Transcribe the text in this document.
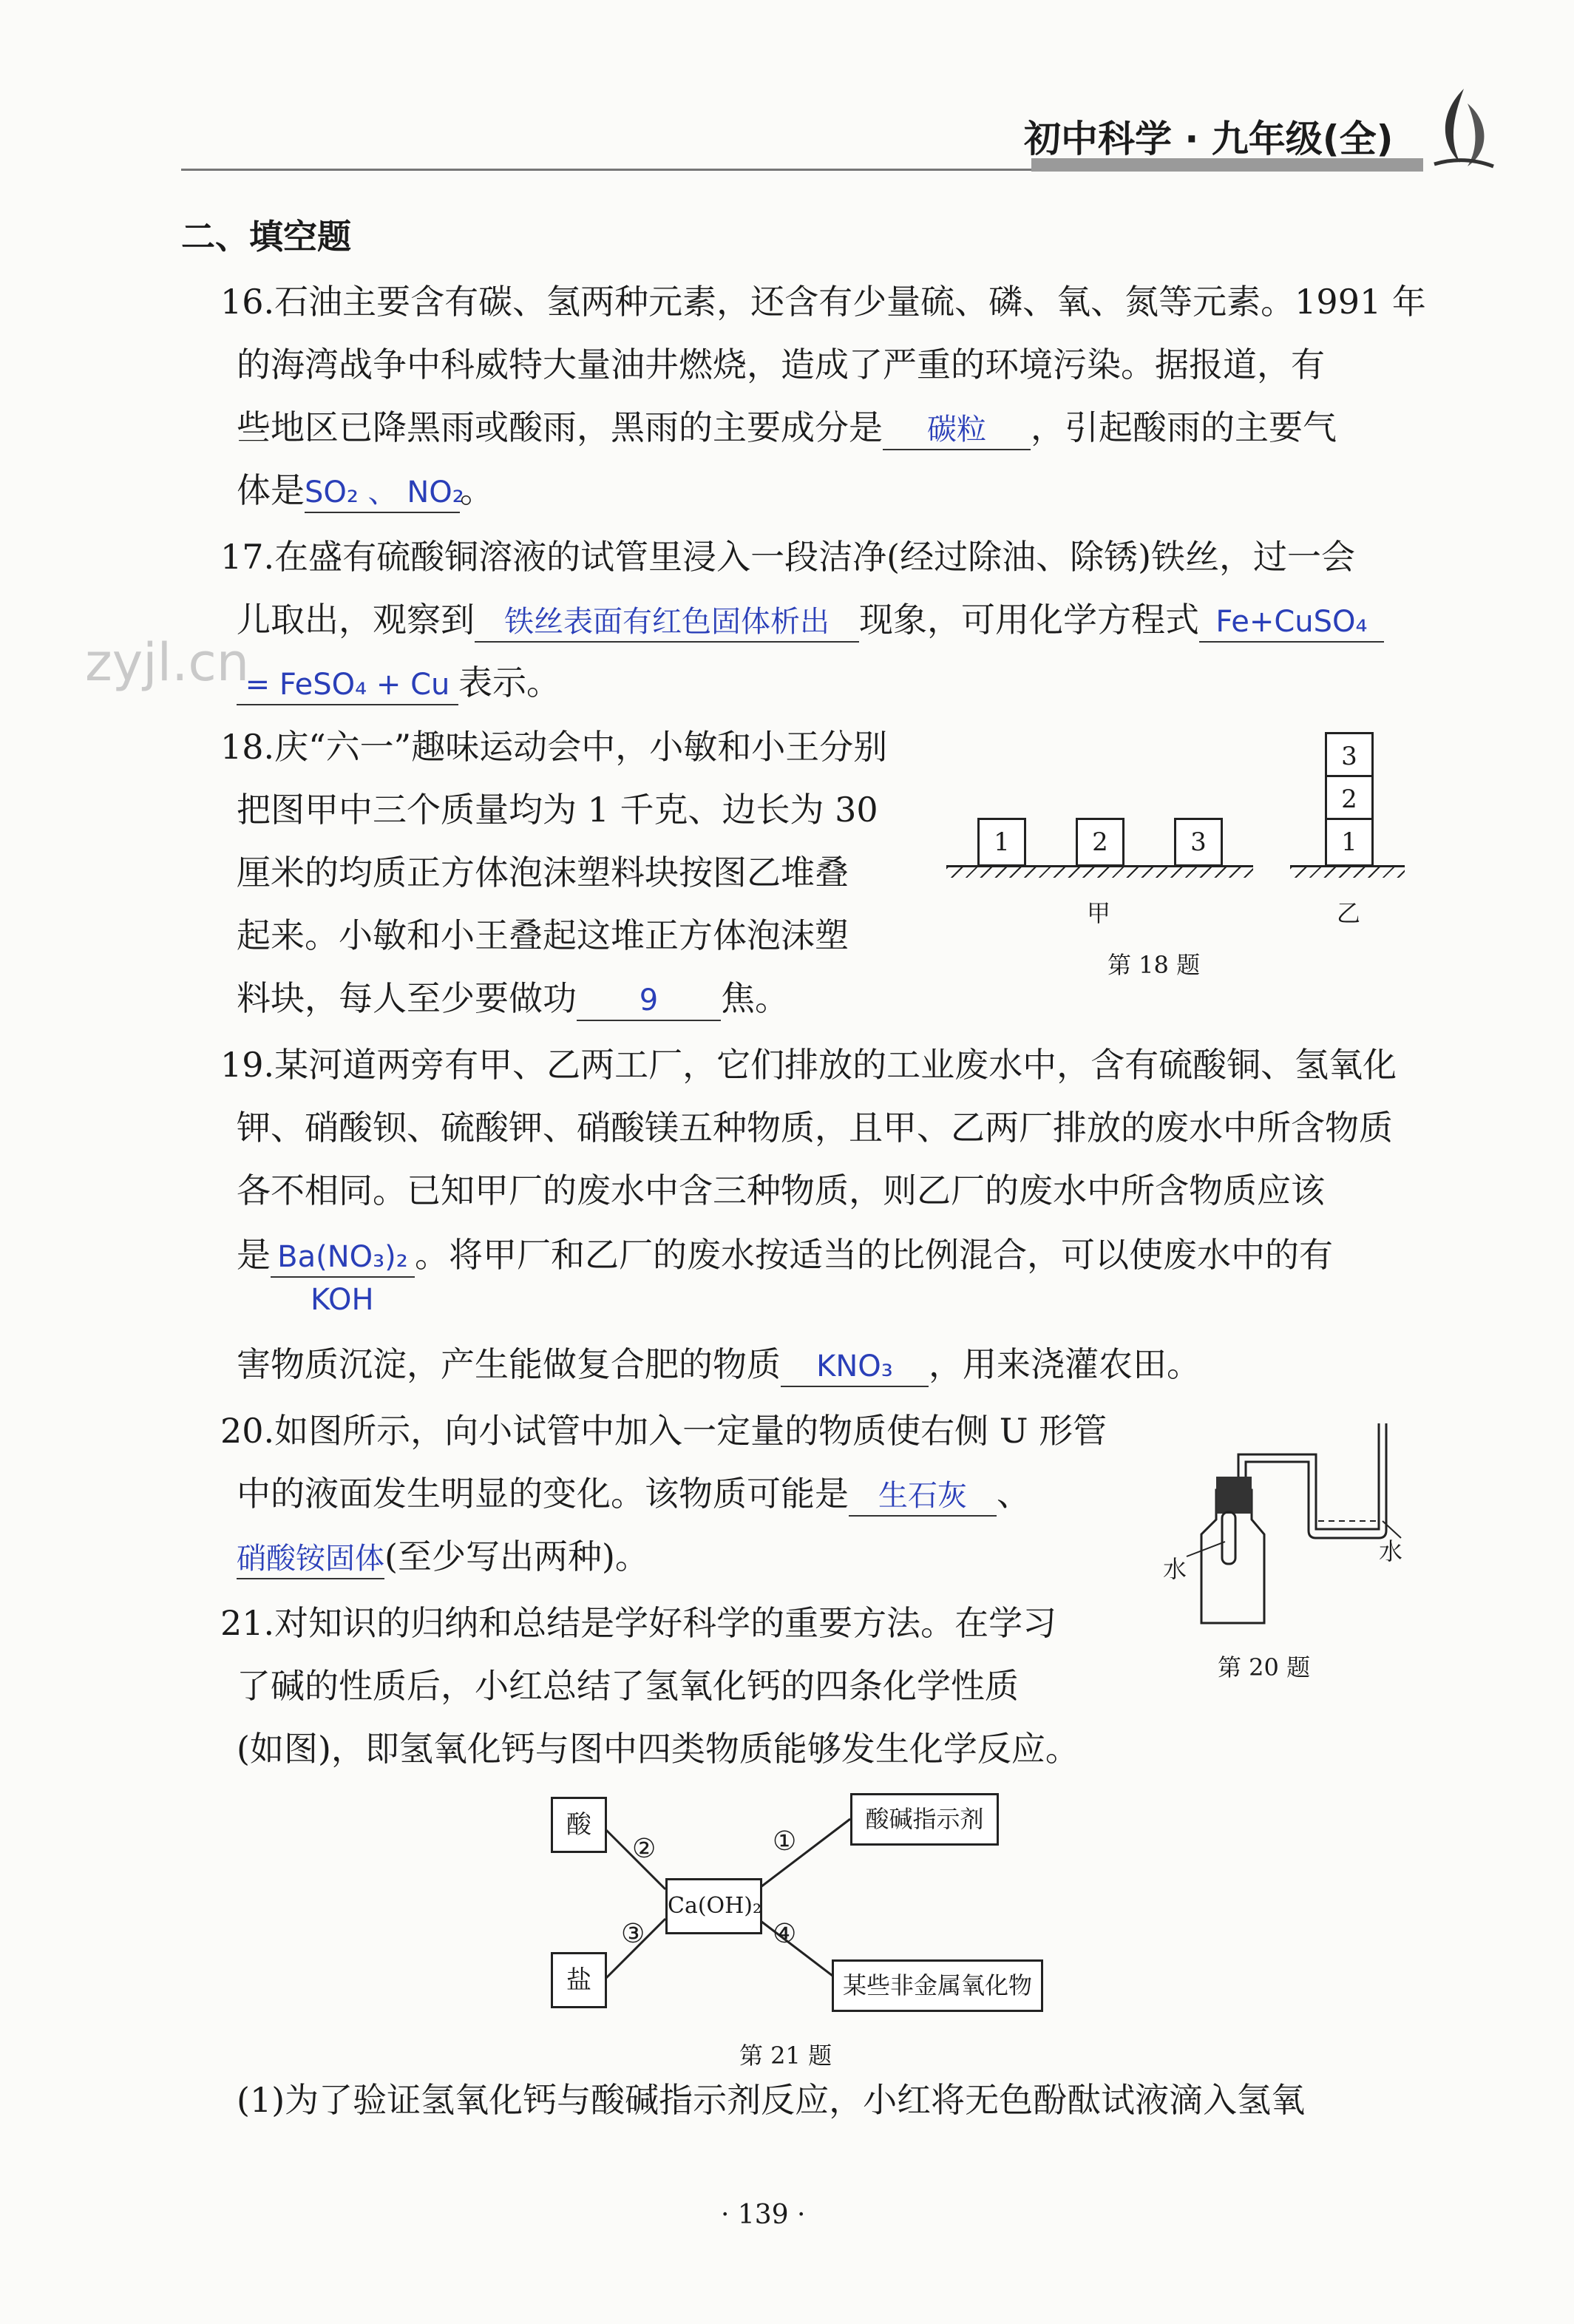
初中科学 · 九年级(全)
zyjl.cn
二、填空题
16.石油主要含有碳、氢两种元素，还含有少量硫、磷、氧、氮等元素。1991 年
的海湾战争中科威特大量油井燃烧，造成了严重的环境污染。据报道，有
些地区已降黑雨或酸雨，黑雨的主要成分是 碳粒 ，引起酸雨的主要气
体是SO₂ 、 NO₂。
17.在盛有硫酸铜溶液的试管里浸入一段洁净(经过除油、除锈)铁丝，过一会
儿取出，观察到 铁丝表面有红色固体析出 现象，可用化学方程式 Fe+CuSO₄
= FeSO₄ + Cu 表示。
18.庆“六一”趣味运动会中，小敏和小王分别
把图甲中三个质量均为 1 千克、边长为 30
厘米的均质正方体泡沫塑料块按图乙堆叠
起来。小敏和小王叠起这堆正方体泡沫塑
料块，每人至少要做功 9 焦。
1	2	3
甲
3
2
1
乙
第 18 题
19.某河道两旁有甲、乙两工厂，它们排放的工业废水中，含有硫酸铜、氢氧化
钾、硝酸钡、硫酸钾、硝酸镁五种物质，且甲、乙两厂排放的废水中所含物质
各不相同。已知甲厂的废水中含三种物质，则乙厂的废水中所含物质应该
是 Ba(NO₃)₂ 。将甲厂和乙厂的废水按适当的比例混合，可以使废水中的有
KOH
害物质沉淀，产生能做复合肥的物质 KNO₃ ，用来浇灌农田。
20.如图所示，向小试管中加入一定量的物质使右侧 U 形管
中的液面发生明显的变化。该物质可能是 生石灰 、
硝酸铵固体(至少写出两种)。	水
水
第 20 题
21.对知识的归纳和总结是学好科学的重要方法。在学习
了碱的性质后，小红总结了氢氧化钙的四条化学性质
(如图)，即氢氧化钙与图中四类物质能够发生化学反应。
酸
盐
Ca(OH)₂
酸碱指示剂
某些非金属氧化物
①
②
③	④
第 21 题
(1)为了验证氢氧化钙与酸碱指示剂反应，小红将无色酚酞试液滴入氢氧
· 139 ·
